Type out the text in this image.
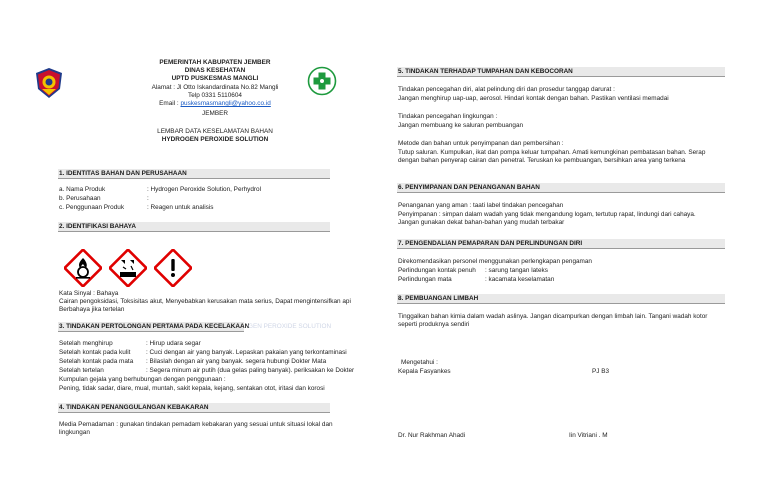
PEMERINTAH KABUPATEN JEMBER
DINAS KESEHATAN
UPTD PUSKESMAS MANGLI
Alamat : Jl Otto Iskandardinata No.82 Mangli
Telp 0331 5110604
Email : puskesmasmangli@yahoo.co.id
JEMBER
LEMBAR DATA KESELAMATAN BAHAN
HYDROGEN PEROXIDE SOLUTION
1. IDENTITAS BAHAN DAN PERUSAHAAN
a. Nama Produk	: Hydrogen Peroxide Solution, Perhydrol
b. Perusahaan	:
c. Penggunaan Produk	: Reagen untuk analisis
2. IDENTIFIKASI BAHAYA
Kata Sinyal : Bahaya
Cairan pengoksidasi, Toksisitas akut, Menyebabkan kerusakan mata serius, Dapat mengintensifkan api Berbahaya jika tertelan
3. TINDAKAN PERTOLONGAN PERTAMA PADA KECELAKAAN
GEN PEROXIDE SOLUTION
Setelah menghirup	: Hirup udara segar
Setelah kontak pada kulit : Cuci dengan air yang banyak. Lepaskan pakaian yang terkontaminasi
Setelah kontak pada mata : Bilaslah dengan air yang banyak. segera hubungi Dokter Mata
Setelah tertelan	: Segera minum air putih (dua gelas paling banyak). periksakan ke Dokter
Kumpulan gejala yang berhubungan dengan penggunaan :
Pening, tidak sadar, diare, mual, muntah, sakit kepala, kejang, sentakan otot, iritasi dan korosi
4. TINDAKAN PENANGGULANGAN KEBAKARAN
Media Pemadaman : gunakan tindakan pemadam kebakaran yang sesuai untuk situasi lokal dan lingkungan
5. TINDAKAN TERHADAP TUMPAHAN DAN KEBOCORAN
Tindakan pencegahan diri, alat pelindung diri dan prosedur tanggap darurat :
Jangan menghirup uap-uap, aerosol. Hindari kontak dengan bahan. Pastikan ventilasi memadai
Tindakan pencegahan lingkungan :
Jangan membuang ke saluran pembuangan
Metode dan bahan untuk penyimpanan dan pembersihan :
Tutup saluran. Kumpulkan, ikat dan pompa keluar tumpahan. Amati kemungkinan pembatasan bahan. Serap dengan bahan penyerap cairan dan penetral. Teruskan ke pembuangan, bersihkan area yang terkena
6. PENYIMPANAN DAN PENANGANAN BAHAN
Penanganan yang aman : taati label tindakan pencegahan
Penyimpanan : simpan dalam wadah yang tidak mengandung logam, tertutup rapat, lindungi dari cahaya. Jangan gunakan dekat bahan-bahan yang mudah terbakar
7. PENGENDALIAN PEMAPARAN DAN PERLINDUNGAN DIRI
Direkomendasikan personel menggunakan perlengkapan pengaman
Perlindungan kontak penuh : sarung tangan lateks
Perlindungan mata	: kacamata keselamatan
8. PEMBUANGAN LIMBAH
Tinggalkan bahan kimia dalam wadah aslinya. Jangan dicampurkan dengan limbah lain. Tangani wadah kotor seperti produknya sendiri
Mengetahui :
Kepala Fasyankes	PJ B3
Dr. Nur Rakhman Ahadi	Iin Vitriani . M
